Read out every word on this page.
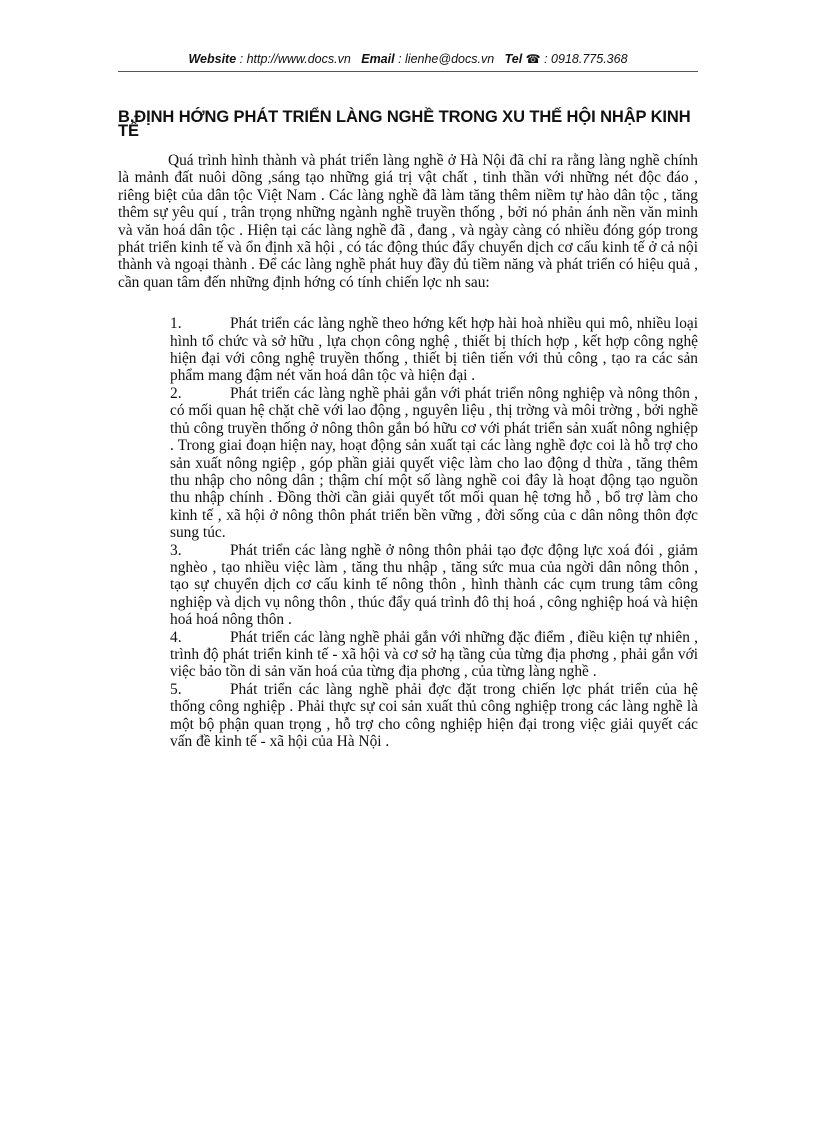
Website : http://www.docs.vn Email : lienhe@docs.vn Tel ☎ : 0918.775.368
B.ĐỊNH HỚNG PHÁT TRIỂN LÀNG NGHỀ TRONG XU THẾ HỘI NHẬP KINH TẾ

Quá trình hình thành và phát triển làng nghề ở Hà Nội đã chỉ ra rằng làng nghề chính là mảnh đất nuôi dõng ,sáng tạo những giá trị vật chất , tinh thần với những nét độc đáo , riêng biệt của dân tộc Việt Nam . Các làng nghề đã làm tăng thêm niềm tự hào dân tộc , tăng thêm sự yêu quí , trân trọng những ngành nghề truyền thống , bởi nó phản ánh nền văn minh và văn hoá dân tộc . Hiện tại các làng nghề đã , đang , và ngày càng có nhiều đóng góp trong phát triển kinh tế và ổn định xã hội , có tác động thúc đẩy chuyển dịch cơ cấu kinh tế ở cả nội thành và ngoại thành . Để các làng nghề phát huy đầy đủ tiềm năng và phát triển có hiệu quả , cần quan tâm đến những định hớng có tính chiến lợc nh sau:

1.	Phát triển các làng nghề theo hớng kết hợp hài hoà nhiều qui mô, nhiều loại hình tổ chức và sở hữu , lựa chọn công nghệ , thiết bị thích hợp , kết hợp công nghệ hiện đại với công nghệ truyền thống , thiết bị tiên tiến với thủ công , tạo ra các sản phẩm mang đậm nét văn hoá dân tộc và hiện đại .

2.	Phát triển các làng nghề phải gắn với phát triển nông nghiệp và nông thôn , có mối quan hệ chặt chẽ với lao động , nguyên liệu , thị trờng và môi trờng , bởi nghề thủ công truyền thống ở nông thôn gắn bó hữu cơ với phát triển sản xuất nông nghiệp . Trong giai đoạn hiện nay, hoạt động sản xuất tại các làng nghề đợc coi là hỗ trợ cho sản xuất nông ngiệp , góp phần giải quyết việc làm cho lao động d thừa , tăng thêm thu nhập cho nông dân ; thậm chí một số làng nghề coi đây là hoạt động tạo nguồn thu nhập chính . Đồng thời cần giải quyết tốt mối quan hệ tơng hỗ , bổ trợ làm cho kinh tế , xã hội ở nông thôn phát triển bền vững , đời sống của c dân nông thôn đợc sung túc.

3.	Phát triển các làng nghề ở nông thôn phải tạo đợc động lực xoá đói , giảm nghèo , tạo nhiều việc làm , tăng thu nhập , tăng sức mua của ngời dân nông thôn , tạo sự chuyển dịch cơ cấu kinh tế nông thôn , hình thành các cụm trung tâm công nghiệp và dịch vụ nông thôn , thúc đẩy quá trình đô thị hoá , công nghiệp hoá và hiện hoá hoá nông thôn .

4.	Phát triển các làng nghề phải gắn với những đặc điểm , điều kiện tự nhiên , trình độ phát triển kinh tế - xã hội và cơ sở hạ tầng của từng địa phơng , phải gắn với việc bảo tồn di sản văn hoá của từng địa phơng , của từng làng nghề .

5.	Phát triển các làng nghề phải đợc đặt trong chiến lợc phát triển của hệ thống công nghiệp . Phải thực sự coi sản xuất thủ công nghiệp trong các làng nghề là một bộ phận quan trọng , hỗ trợ cho công nghiệp hiện đại trong việc giải quyết các vấn đề kinh tế - xã hội của Hà Nội .
